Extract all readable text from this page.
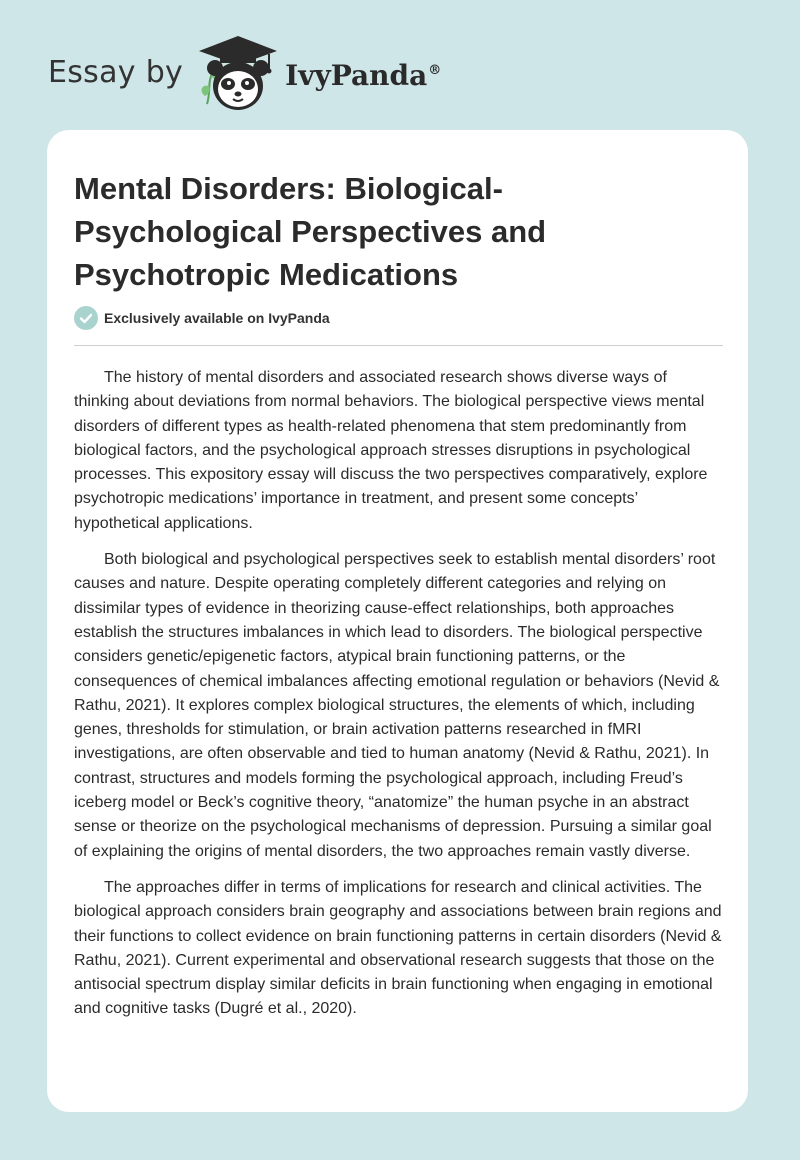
Essay by	IvyPanda®
Mental Disorders: Biological-Psychological Perspectives and Psychotropic Medications
Exclusively available on IvyPanda

The history of mental disorders and associated research shows diverse ways of thinking about deviations from normal behaviors. The biological perspective views mental disorders of different types as health-related phenomena that stem predominantly from biological factors, and the psychological approach stresses disruptions in psychological processes. This expository essay will discuss the two perspectives comparatively, explore psychotropic medications’ importance in treatment, and present some concepts’ hypothetical applications.

Both biological and psychological perspectives seek to establish mental disorders’ root causes and nature. Despite operating completely different categories and relying on dissimilar types of evidence in theorizing cause-effect relationships, both approaches establish the structures imbalances in which lead to disorders. The biological perspective considers genetic/epigenetic factors, atypical brain functioning patterns, or the consequences of chemical imbalances affecting emotional regulation or behaviors (Nevid & Rathu, 2021). It explores complex biological structures, the elements of which, including genes, thresholds for stimulation, or brain activation patterns researched in fMRI investigations, are often observable and tied to human anatomy (Nevid & Rathu, 2021). In contrast, structures and models forming the psychological approach, including Freud’s iceberg model or Beck’s cognitive theory, “anatomize” the human psyche in an abstract sense or theorize on the psychological mechanisms of depression. Pursuing a similar goal of explaining the origins of mental disorders, the two approaches remain vastly diverse.

The approaches differ in terms of implications for research and clinical activities. The biological approach considers brain geography and associations between brain regions and their functions to collect evidence on brain functioning patterns in certain disorders (Nevid & Rathu, 2021). Current experimental and observational research suggests that those on the antisocial spectrum display similar deficits in brain functioning when engaging in emotional and cognitive tasks (Dugré et al., 2020).
